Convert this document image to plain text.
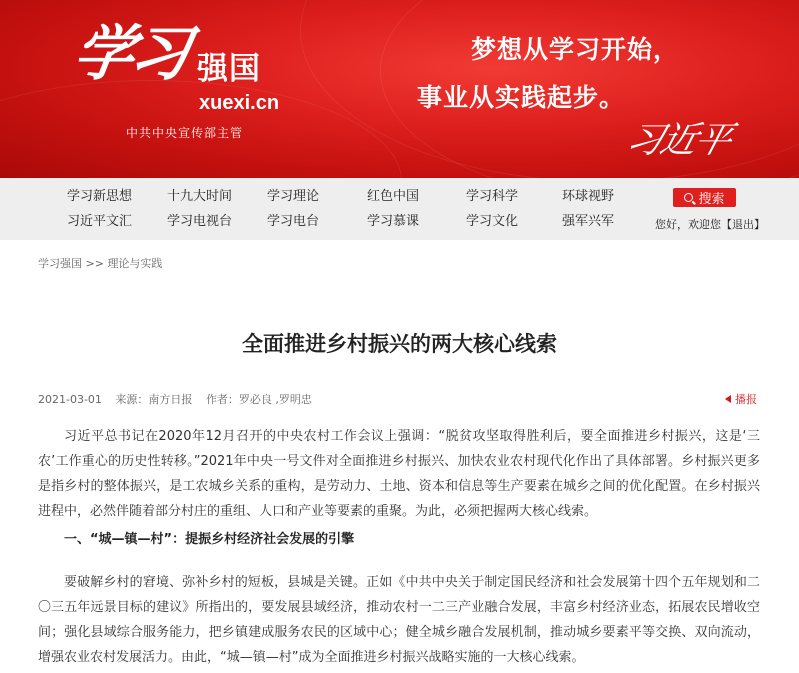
学习 强国
xuexi.cn
中共中央宣传部主管
梦想从学习开始，
事业从实践起步。
习近平
学习新思想	十九大时间	学习理论	红色中国	学习科学	环球视野
习近平文汇	学习电视台	学习电台	学习慕课	学习文化	强军兴军
搜索
您好，欢迎您【退出】
学习强国 >> 理论与实践
全面推进乡村振兴的两大核心线索
2021-03-01 来源：南方日报 作者：罗必良 ,罗明忠	播报

习近平总书记在2020年12月召开的中央农村工作会议上强调：“脱贫攻坚取得胜利后，要全面推进乡村振兴，这是‘三农’工作重心的历史性转移。”2021年中央一号文件对全面推进乡村振兴、加快农业农村现代化作出了具体部署。乡村振兴更多是指乡村的整体振兴，是工农城乡关系的重构，是劳动力、土地、资本和信息等生产要素在城乡之间的优化配置。在乡村振兴进程中，必然伴随着部分村庄的重组、人口和产业等要素的重聚。为此，必须把握两大核心线索。

一、“城—镇—村”：提振乡村经济社会发展的引擎

要破解乡村的窘境、弥补乡村的短板，县城是关键。正如《中共中央关于制定国民经济和社会发展第十四个五年规划和二〇三五年远景目标的建议》所指出的，要发展县域经济，推动农村一二三产业融合发展，丰富乡村经济业态，拓展农民增收空间；强化县域综合服务能力，把乡镇建成服务农民的区域中心；健全城乡融合发展机制，推动城乡要素平等交换、双向流动，增强农业农村发展活力。由此，“城—镇—村”成为全面推进乡村振兴战略实施的一大核心线索。
